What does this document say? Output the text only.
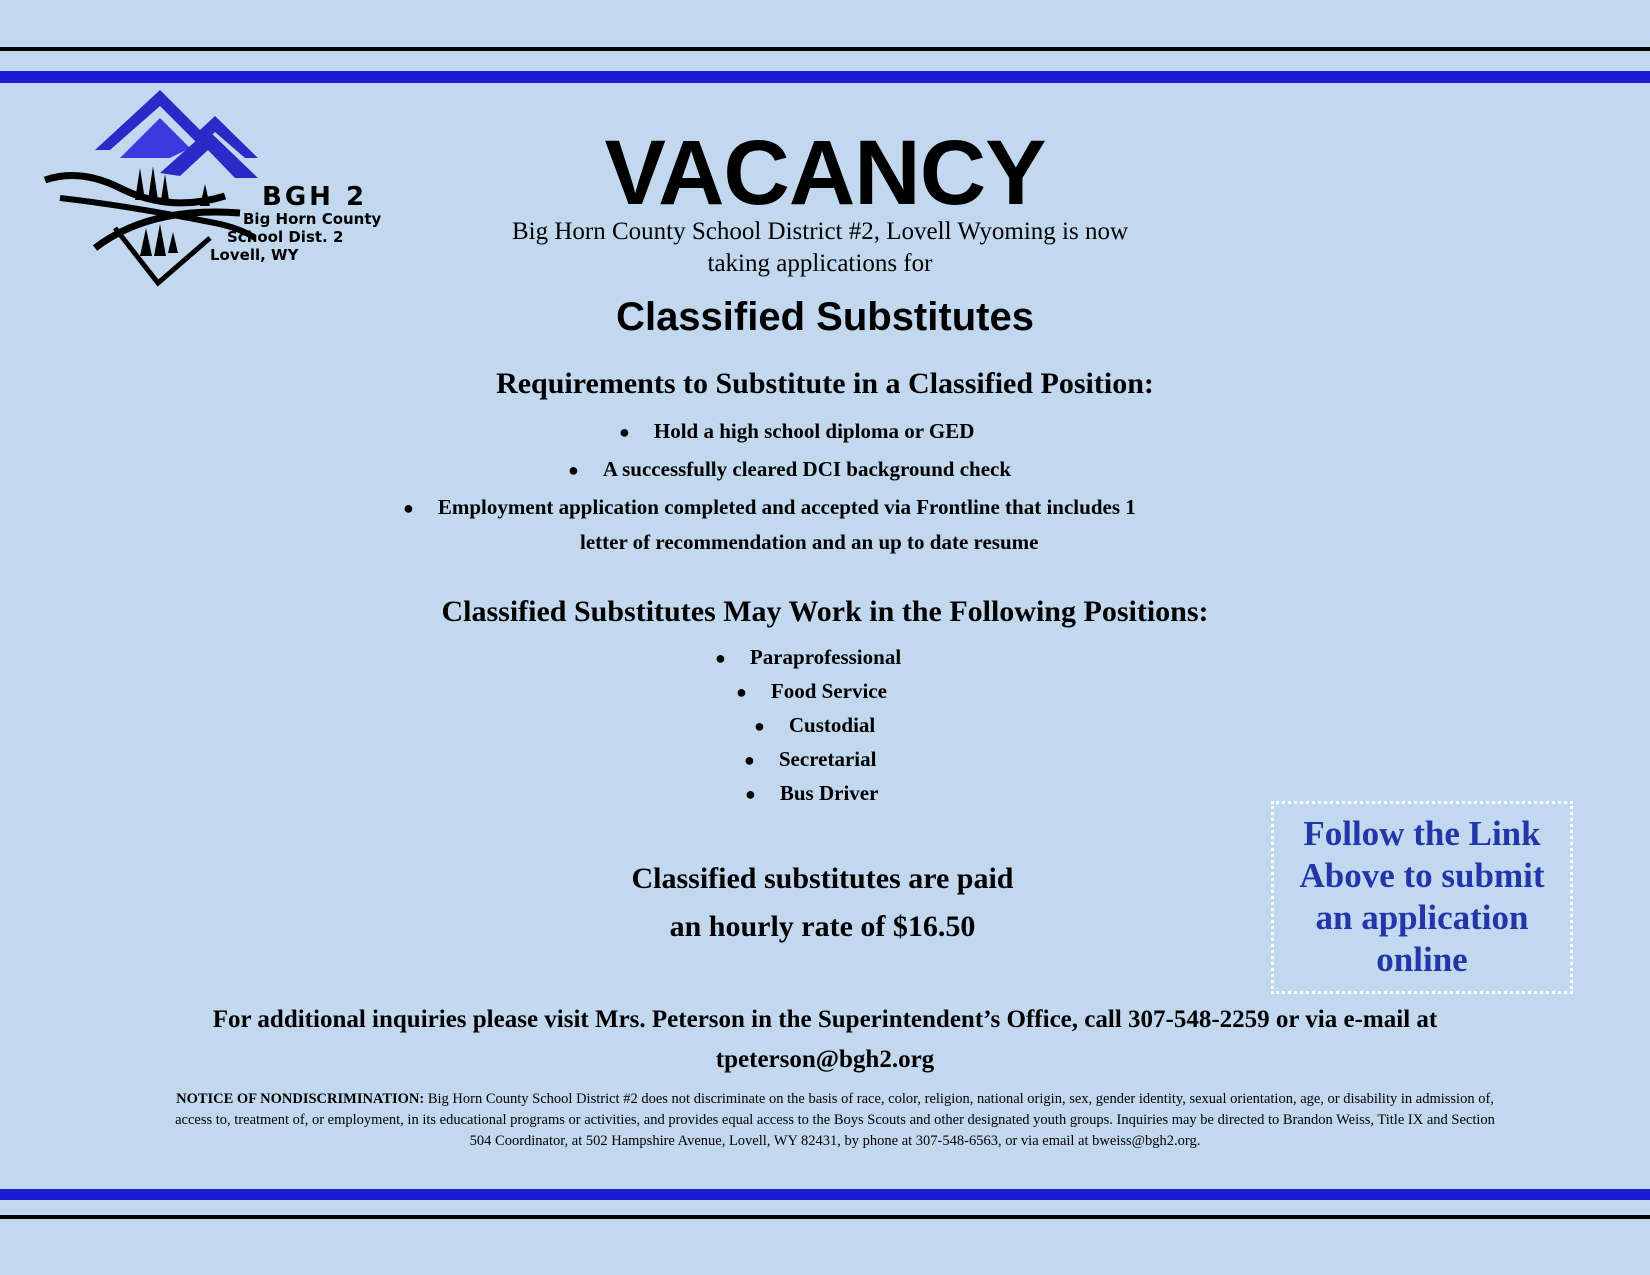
BGH 2
Big Horn County
School Dist. 2
Lovell, WY
VACANCY
Big Horn County School District #2, Lovell Wyoming is now
taking applications for
Classified Substitutes
Requirements to Substitute in a Classified Position:
● Hold a high school diploma or GED
● A successfully cleared DCI background check
● Employment application completed and accepted via Frontline that includes 1
letter of recommendation and an up to date resume
Classified Substitutes May Work in the Following Positions:
● Paraprofessional
● Food Service
● Custodial
● Secretarial
● Bus Driver
Classified substitutes are paid
an hourly rate of $16.50
Follow the Link
Above to submit
an application
online
For additional inquiries please visit Mrs. Peterson in the Superintendent’s Office, call 307-548-2259 or via e-mail at
tpeterson@bgh2.org
NOTICE OF NONDISCRIMINATION: Big Horn County School District #2 does not discriminate on the basis of race, color, religion, national origin, sex, gender identity, sexual orientation, age, or disability in admission of,
access to, treatment of, or employment, in its educational programs or activities, and provides equal access to the Boys Scouts and other designated youth groups. Inquiries may be directed to Brandon Weiss, Title IX and Section
504 Coordinator, at 502 Hampshire Avenue, Lovell, WY 82431, by phone at 307-548-6563, or via email at bweiss@bgh2.org.
